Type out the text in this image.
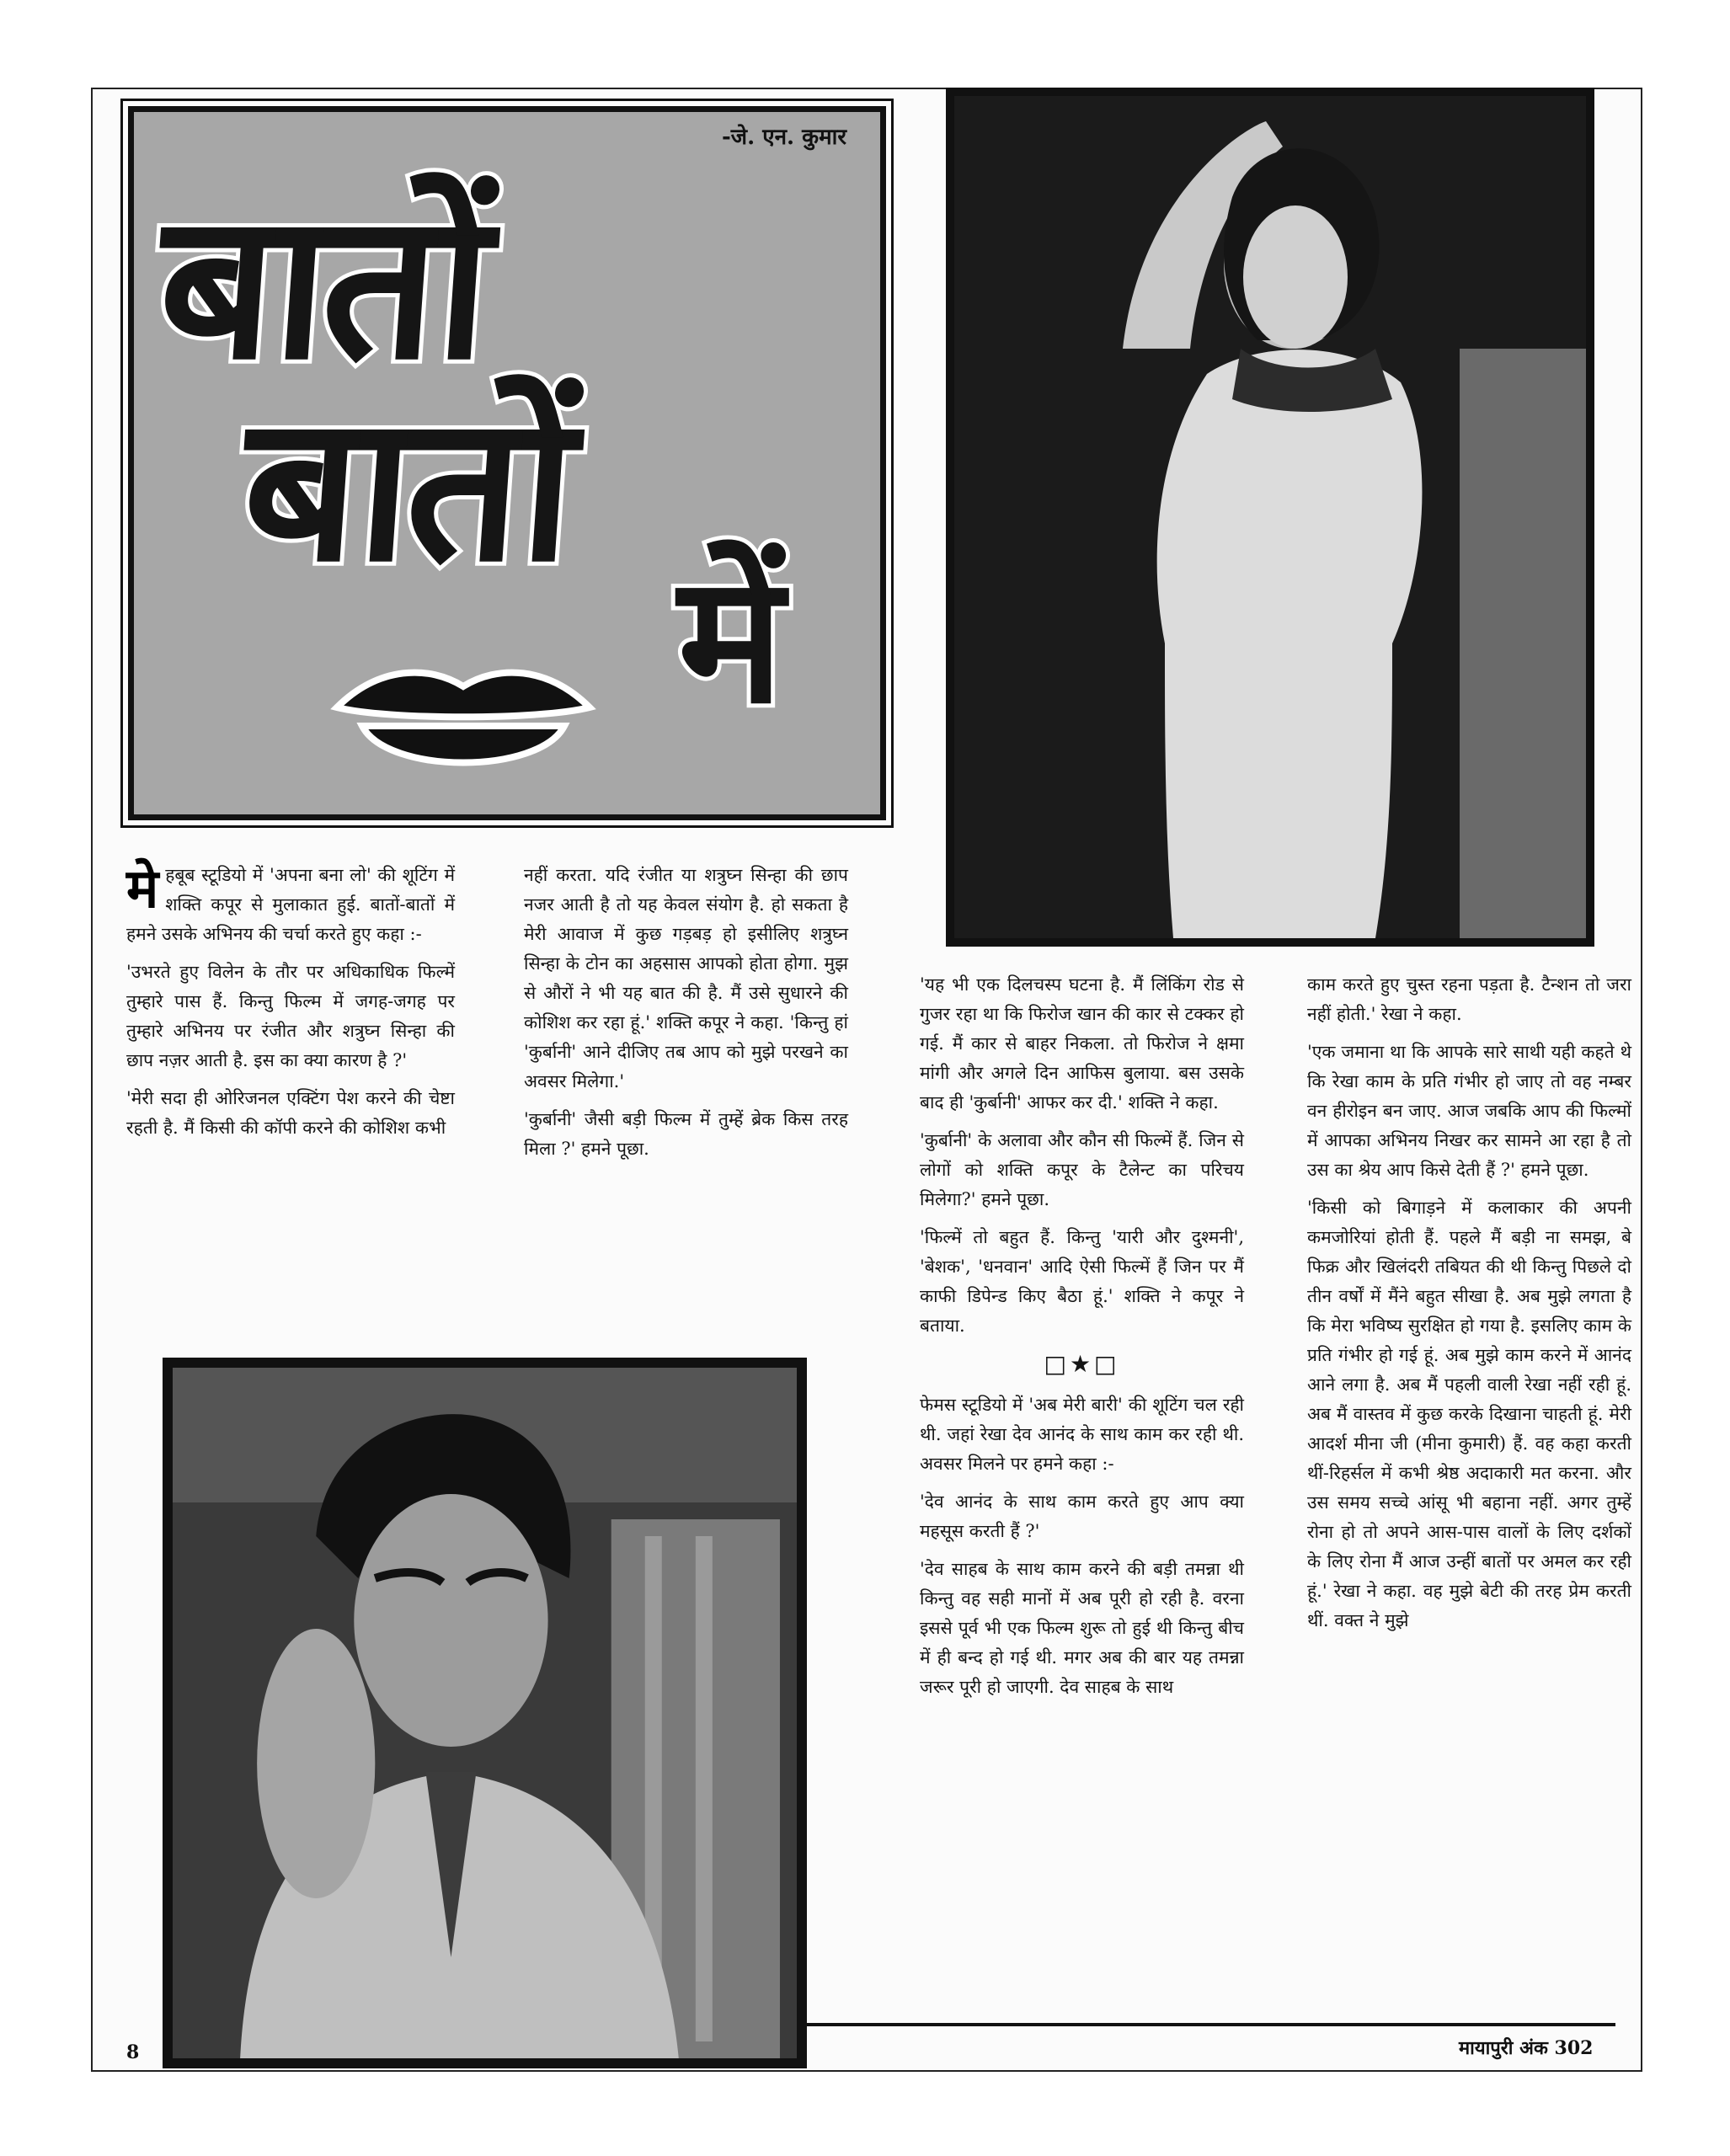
-जे. एन. कुमार
बातों
बातों
में

मेहबूब स्टूडियो में 'अपना बना लो' की शूटिंग में शक्ति कपूर से मुलाकात हुई. बातों-बातों में हमने उसके अभिनय की चर्चा करते हुए कहा :-

'उभरते हुए विलेन के तौर पर अधिकाधिक फिल्में तुम्हारे पास हैं. किन्तु फिल्म में जगह-जगह पर तुम्हारे अभिनय पर रंजीत और शत्रुघ्न सिन्हा की छाप नज़र आती है. इस का क्या कारण है ?'

'मेरी सदा ही ओरिजनल एक्टिंग पेश करने की चेष्टा रहती है. मैं किसी की कॉपी करने की कोशिश कभी

नहीं करता. यदि रंजीत या शत्रुघ्न सिन्हा की छाप नजर आती है तो यह केवल संयोग है. हो सकता है मेरी आवाज में कुछ गड़बड़ हो इसीलिए शत्रुघ्न सिन्हा के टोन का अहसास आपको होता होगा. मुझ से औरों ने भी यह बात की है. मैं उसे सुधारने की कोशिश कर रहा हूं.' शक्ति कपूर ने कहा. 'किन्तु हां 'कुर्बानी' आने दीजिए तब आप को मुझे परखने का अवसर मिलेगा.'

'कुर्बानी' जैसी बड़ी फिल्म में तुम्हें ब्रेक किस तरह मिला ?' हमने पूछा.

'यह भी एक दिलचस्प घटना है. मैं लिंकिंग रोड से गुजर रहा था कि फिरोज खान की कार से टक्कर हो गई. मैं कार से बाहर निकला. तो फिरोज ने क्षमा मांगी और अगले दिन आफिस बुलाया. बस उसके बाद ही 'कुर्बानी' आफर कर दी.' शक्ति ने कहा.

'कुर्बानी' के अलावा और कौन सी फिल्में हैं. जिन से लोगों को शक्ति कपूर के टैलेन्ट का परिचय मिलेगा?' हमने पूछा.

'फिल्में तो बहुत हैं. किन्तु 'यारी और दुश्मनी', 'बेशक', 'धनवान' आदि ऐसी फिल्में हैं जिन पर मैं काफी डिपेन्ड किए बैठा हूं.' शक्ति ने कपूर ने बताया.

□★□

फेमस स्टूडियो में 'अब मेरी बारी' की शूटिंग चल रही थी. जहां रेखा देव आनंद के साथ काम कर रही थी. अवसर मिलने पर हमने कहा :-

'देव आनंद के साथ काम करते हुए आप क्या महसूस करती हैं ?'

'देव साहब के साथ काम करने की बड़ी तमन्ना थी किन्तु वह सही मानों में अब पूरी हो रही है. वरना इससे पूर्व भी एक फिल्म शुरू तो हुई थी किन्तु बीच में ही बन्द हो गई थी. मगर अब की बार यह तमन्ना जरूर पूरी हो जाएगी. देव साहब के साथ

काम करते हुए चुस्त रहना पड़ता है. टैन्शन तो जरा नहीं होती.' रेखा ने कहा.

'एक जमाना था कि आपके सारे साथी यही कहते थे कि रेखा काम के प्रति गंभीर हो जाए तो वह नम्बर वन हीरोइन बन जाए. आज जबकि आप की फिल्मों में आपका अभिनय निखर कर सामने आ रहा है तो उस का श्रेय आप किसे देती हैं ?' हमने पूछा.

'किसी को बिगाड़ने में कलाकार की अपनी कमजोरियां होती हैं. पहले मैं बड़ी ना समझ, बे फिक्र और खिलंदरी तबियत की थी किन्तु पिछले दो तीन वर्षों में मैंने बहुत सीखा है. अब मुझे लगता है कि मेरा भविष्य सुरक्षित हो गया है. इसलिए काम के प्रति गंभीर हो गई हूं. अब मुझे काम करने में आनंद आने लगा है. अब मैं पहली वाली रेखा नहीं रही हूं. अब मैं वास्तव में कुछ करके दिखाना चाहती हूं. मेरी आदर्श मीना जी (मीना कुमारी) हैं. वह कहा करती थीं-रिहर्सल में कभी श्रेष्ठ अदाकारी मत करना. और उस समय सच्चे आंसू भी बहाना नहीं. अगर तुम्हें रोना हो तो अपने आस-पास वालों के लिए दर्शकों के लिए रोना मैं आज उन्हीं बातों पर अमल कर रही हूं.' रेखा ने कहा. वह मुझे बेटी की तरह प्रेम करती थीं. वक्त ने मुझे

8	मायापुरी अंक 302
